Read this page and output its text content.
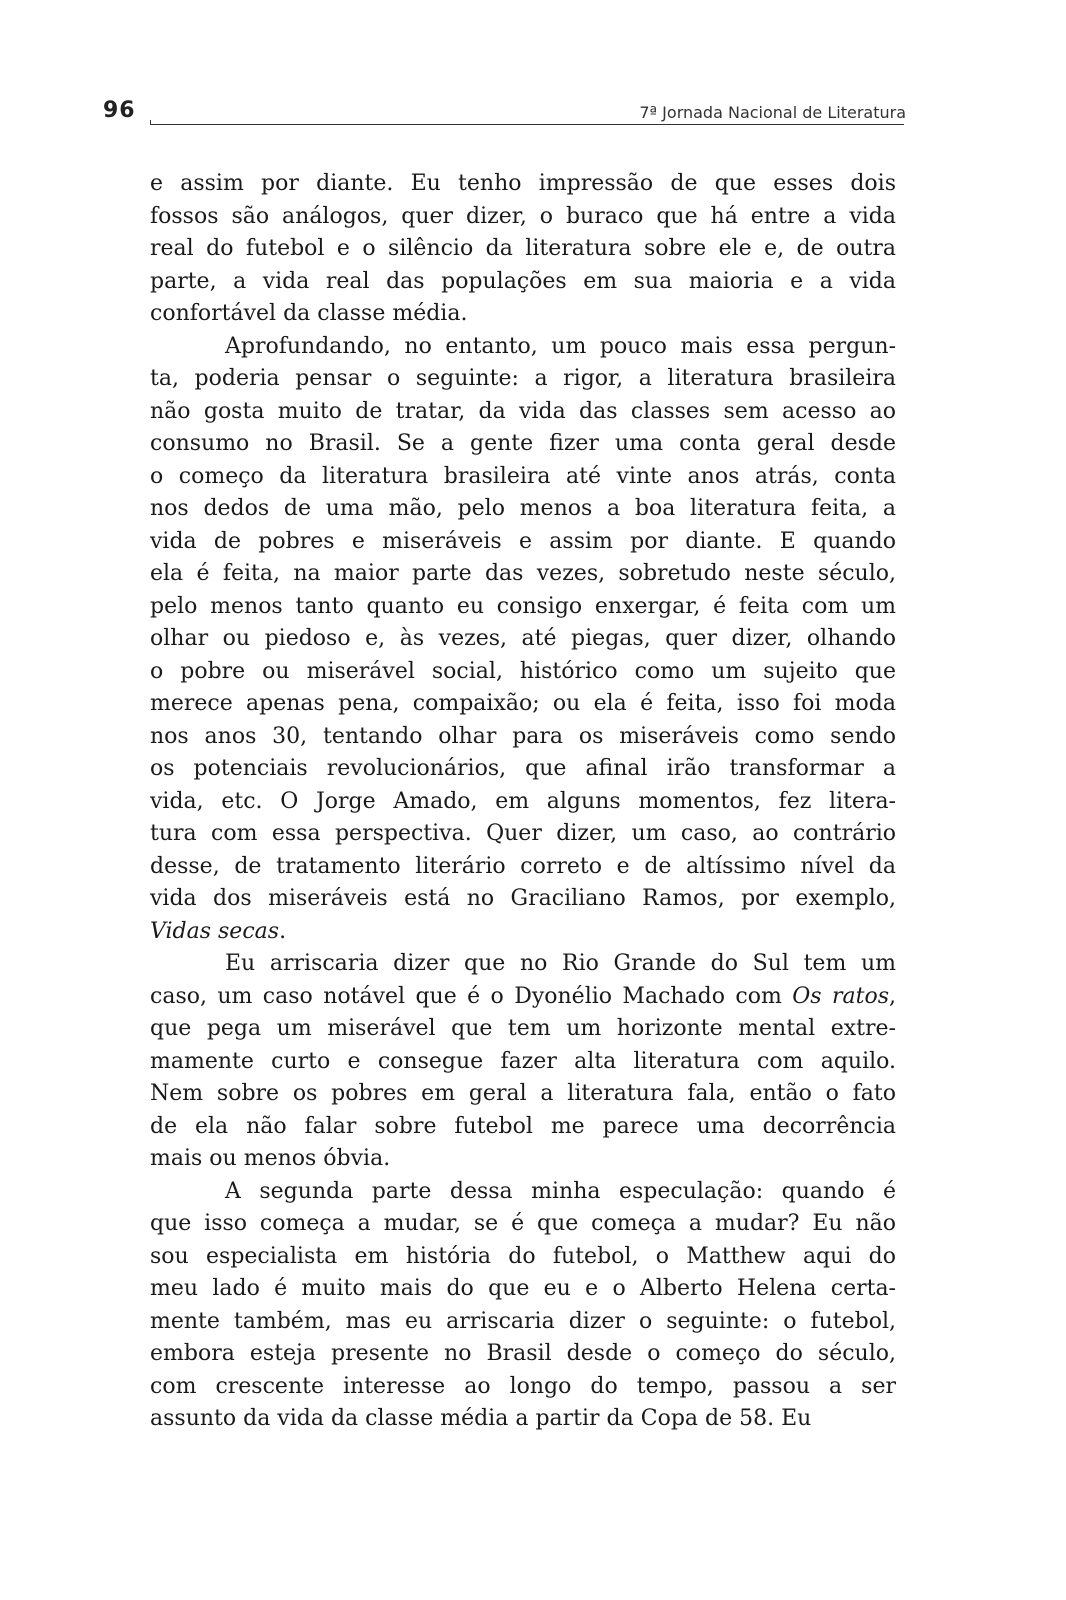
96	7ª Jornada Nacional de Literatura
e assim por diante. Eu tenho impressão de que esses dois
fossos são análogos, quer dizer, o buraco que há entre a vida
real do futebol e o silêncio da literatura sobre ele e, de outra
parte, a vida real das populações em sua maioria e a vida
confortável da classe média.
Aprofundando, no entanto, um pouco mais essa pergun-
ta, poderia pensar o seguinte: a rigor, a literatura brasileira
não gosta muito de tratar, da vida das classes sem acesso ao
consumo no Brasil. Se a gente fizer uma conta geral desde
o começo da literatura brasileira até vinte anos atrás, conta
nos dedos de uma mão, pelo menos a boa literatura feita, a
vida de pobres e miseráveis e assim por diante. E quando
ela é feita, na maior parte das vezes, sobretudo neste século,
pelo menos tanto quanto eu consigo enxergar, é feita com um
olhar ou piedoso e, às vezes, até piegas, quer dizer, olhando
o pobre ou miserável social, histórico como um sujeito que
merece apenas pena, compaixão; ou ela é feita, isso foi moda
nos anos 30, tentando olhar para os miseráveis como sendo
os potenciais revolucionários, que afinal irão transformar a
vida, etc. O Jorge Amado, em alguns momentos, fez litera-
tura com essa perspectiva. Quer dizer, um caso, ao contrário
desse, de tratamento literário correto e de altíssimo nível da
vida dos miseráveis está no Graciliano Ramos, por exemplo,
Vidas secas.
Eu arriscaria dizer que no Rio Grande do Sul tem um
caso, um caso notável que é o Dyonélio Machado com Os ratos,
que pega um miserável que tem um horizonte mental extre-
mamente curto e consegue fazer alta literatura com aquilo.
Nem sobre os pobres em geral a literatura fala, então o fato
de ela não falar sobre futebol me parece uma decorrência
mais ou menos óbvia.
A segunda parte dessa minha especulação: quando é
que isso começa a mudar, se é que começa a mudar? Eu não
sou especialista em história do futebol, o Matthew aqui do
meu lado é muito mais do que eu e o Alberto Helena certa-
mente também, mas eu arriscaria dizer o seguinte: o futebol,
embora esteja presente no Brasil desde o começo do século,
com crescente interesse ao longo do tempo, passou a ser
assunto da vida da classe média a partir da Copa de 58. Eu
